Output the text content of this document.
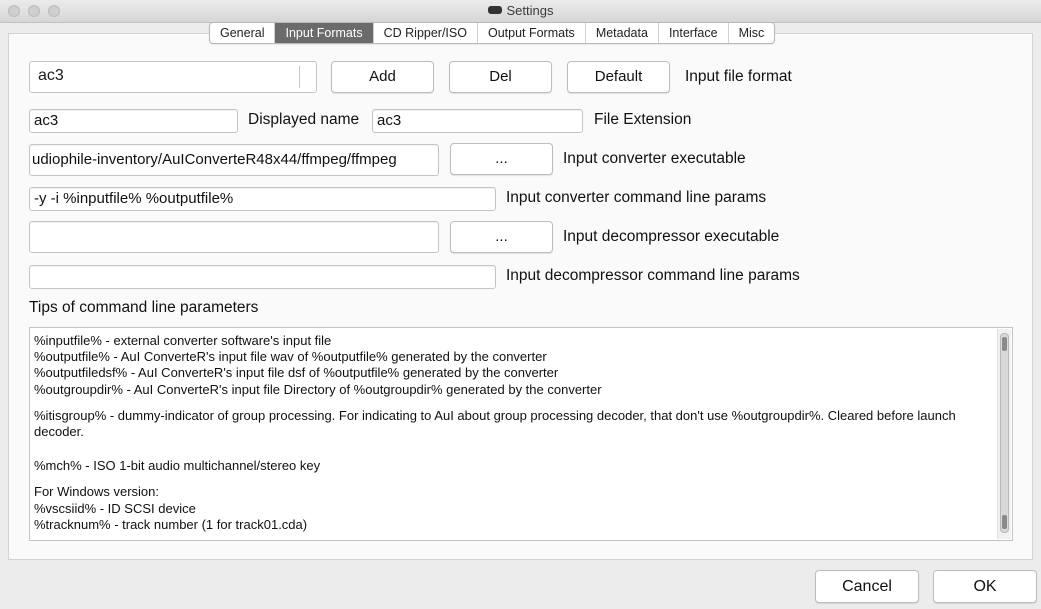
Settings
General	Input Formats	CD Ripper/ISO	Output Formats	Metadata	Interface	Misc
ac3	Add	Del	Default	Input file format
ac3	Displayed name	ac3	File Extension
udiophile-inventory/AuIConverteR48x44/ffmpeg/ffmpeg	...	Input converter executable
-y -i %inputfile% %outputfile%	Input converter command line params
...	Input decompressor executable
Input decompressor command line params
Tips of command line parameters
%inputfile% - external converter software's input file
%outputfile% - AuI ConverteR's input file wav of %outputfile% generated by the converter
%outputfiledsf% - AuI ConverteR's input file dsf of %outputfile% generated by the converter
%outgroupdir% - AuI ConverteR's input file Directory of %outgroupdir% generated by the converter
%itisgroup% - dummy-indicator of group processing. For indicating to AuI about group processing decoder, that don't use %outgroupdir%. Cleared before launch decoder.
%mch% - ISO 1-bit audio multichannel/stereo key
For Windows version:
%vscsiid% - ID SCSI device
%tracknum% - track number (1 for track01.cda)
Cancel	OK
